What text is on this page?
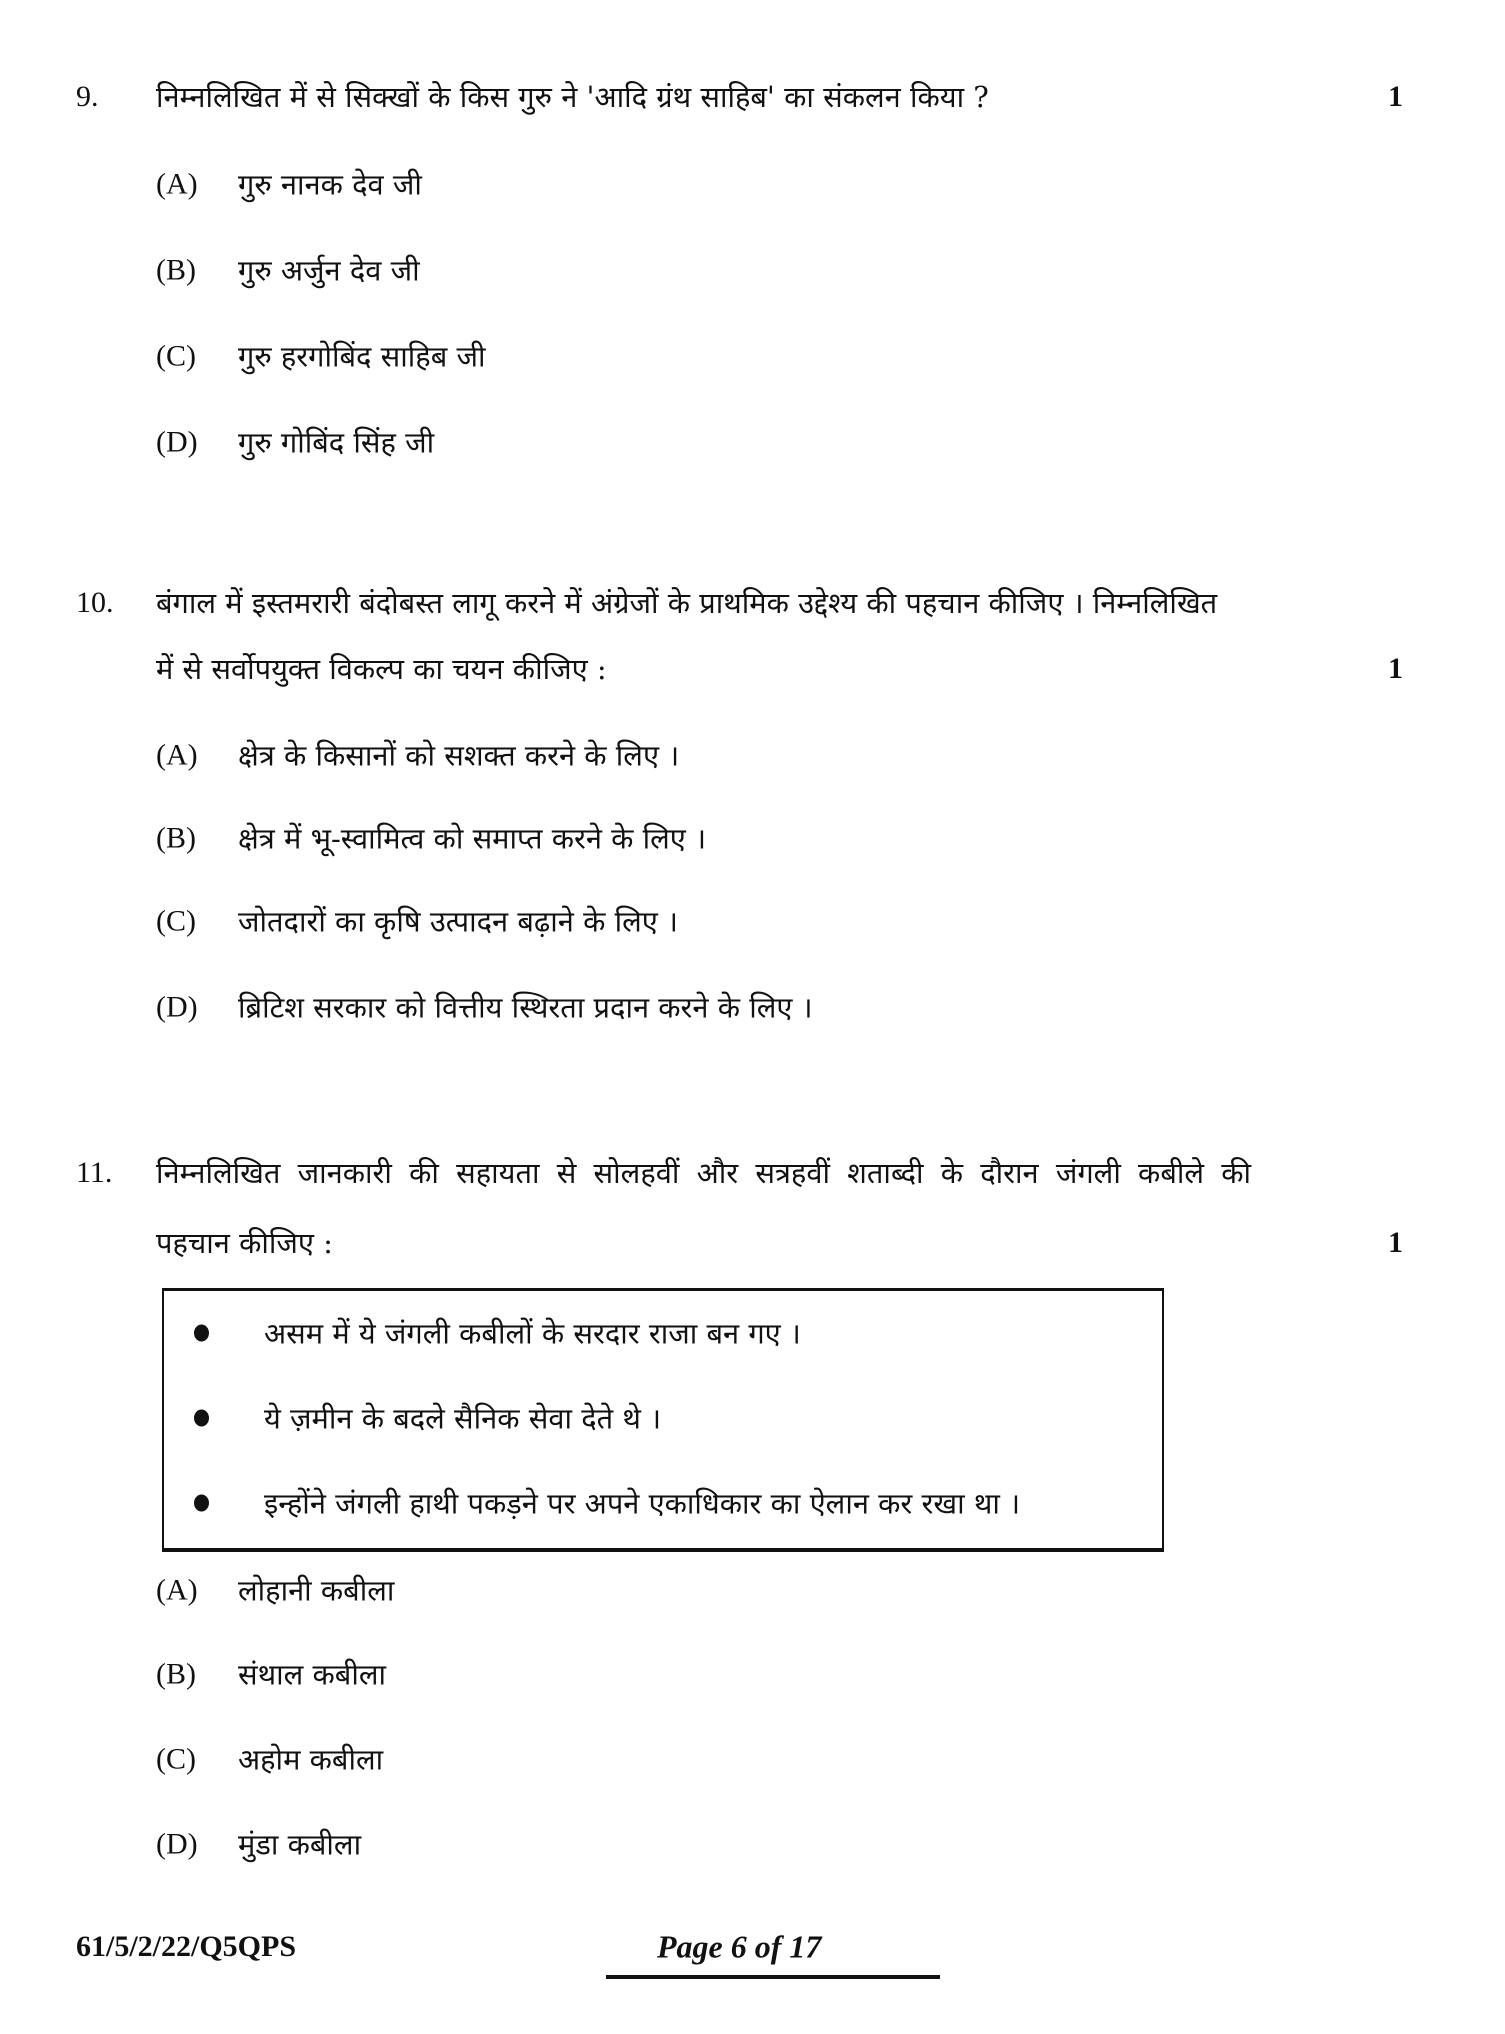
9. निम्नलिखित में से सिक्खों के किस गुरु ने 'आदि ग्रंथ साहिब' का संकलन किया ?	1
(A)	गुरु नानक देव जी
(B)	गुरु अर्जुन देव जी
(C)	गुरु हरगोबिंद साहिब जी
(D)	गुरु गोबिंद सिंह जी
10. बंगाल में इस्तमरारी बंदोबस्त लागू करने में अंग्रेजों के प्राथमिक उद्देश्य की पहचान कीजिए । निम्नलिखित
में से सर्वोपयुक्त विकल्प का चयन कीजिए :	1
(A)	क्षेत्र के किसानों को सशक्त करने के लिए ।
(B)	क्षेत्र में भू-स्वामित्व को समाप्त करने के लिए ।
(C)	जोतदारों का कृषि उत्पादन बढ़ाने के लिए ।
(D)	ब्रिटिश सरकार को वित्तीय स्थिरता प्रदान करने के लिए ।
11. निम्नलिखित जानकारी की सहायता से सोलहवीं और सत्रहवीं शताब्दी के दौरान जंगली कबीले की
पहचान कीजिए :	1
असम में ये जंगली कबीलों के सरदार राजा बन गए ।
ये ज़मीन के बदले सैनिक सेवा देते थे ।
इन्होंने जंगली हाथी पकड़ने पर अपने एकाधिकार का ऐलान कर रखा था ।
(A)	लोहानी कबीला
(B)	संथाल कबीला
(C)	अहोम कबीला
(D)	मुंडा कबीला
61/5/2/22/Q5QPS	Page 6 of 17
